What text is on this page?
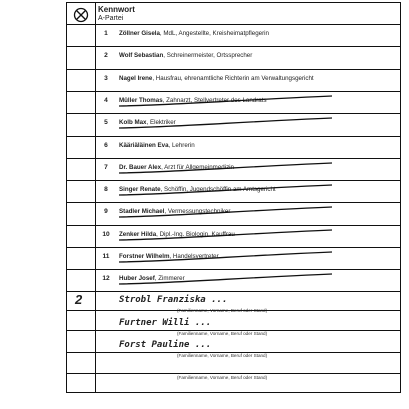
Kennwort
A-Partei
1	Zöllner Gisela, MdL, Angestellte, Kreisheimatpflegerin
2	Wolf Sebastian, Schreinermeister, Ortssprecher
3	Nagel Irene, Hausfrau, ehrenamtliche Richterin am Verwaltungsgericht
4	Müller Thomas, Zahnarzt, Stellvertreter des Landrats
5	Kolb Max, Elektriker
6	Kääriäläinen Eva, Lehrerin
7	Dr. Bauer Alex, Arzt für Allgemeinmedizin
8	Singer Renate, Schöffin, Jugendschöffin am Amtsgericht
9	Stadler Michael, Vermessungstechniker
10 Zenker Hilda, Dipl.-Ing. Biologin, Kauffrau
11 Forstner Wilhelm, Handelsvertreter
12 Huber Josef, Zimmerer
2	Strobl Franziska ...
Furtner Willi ...
Forst Pauline ...
(Familienname, Vorname, Beruf oder Stand)
(Familienname, Vorname, Beruf oder Stand)
(Familienname, Vorname, Beruf oder Stand)
(Familienname, Vorname, Beruf oder Stand)
